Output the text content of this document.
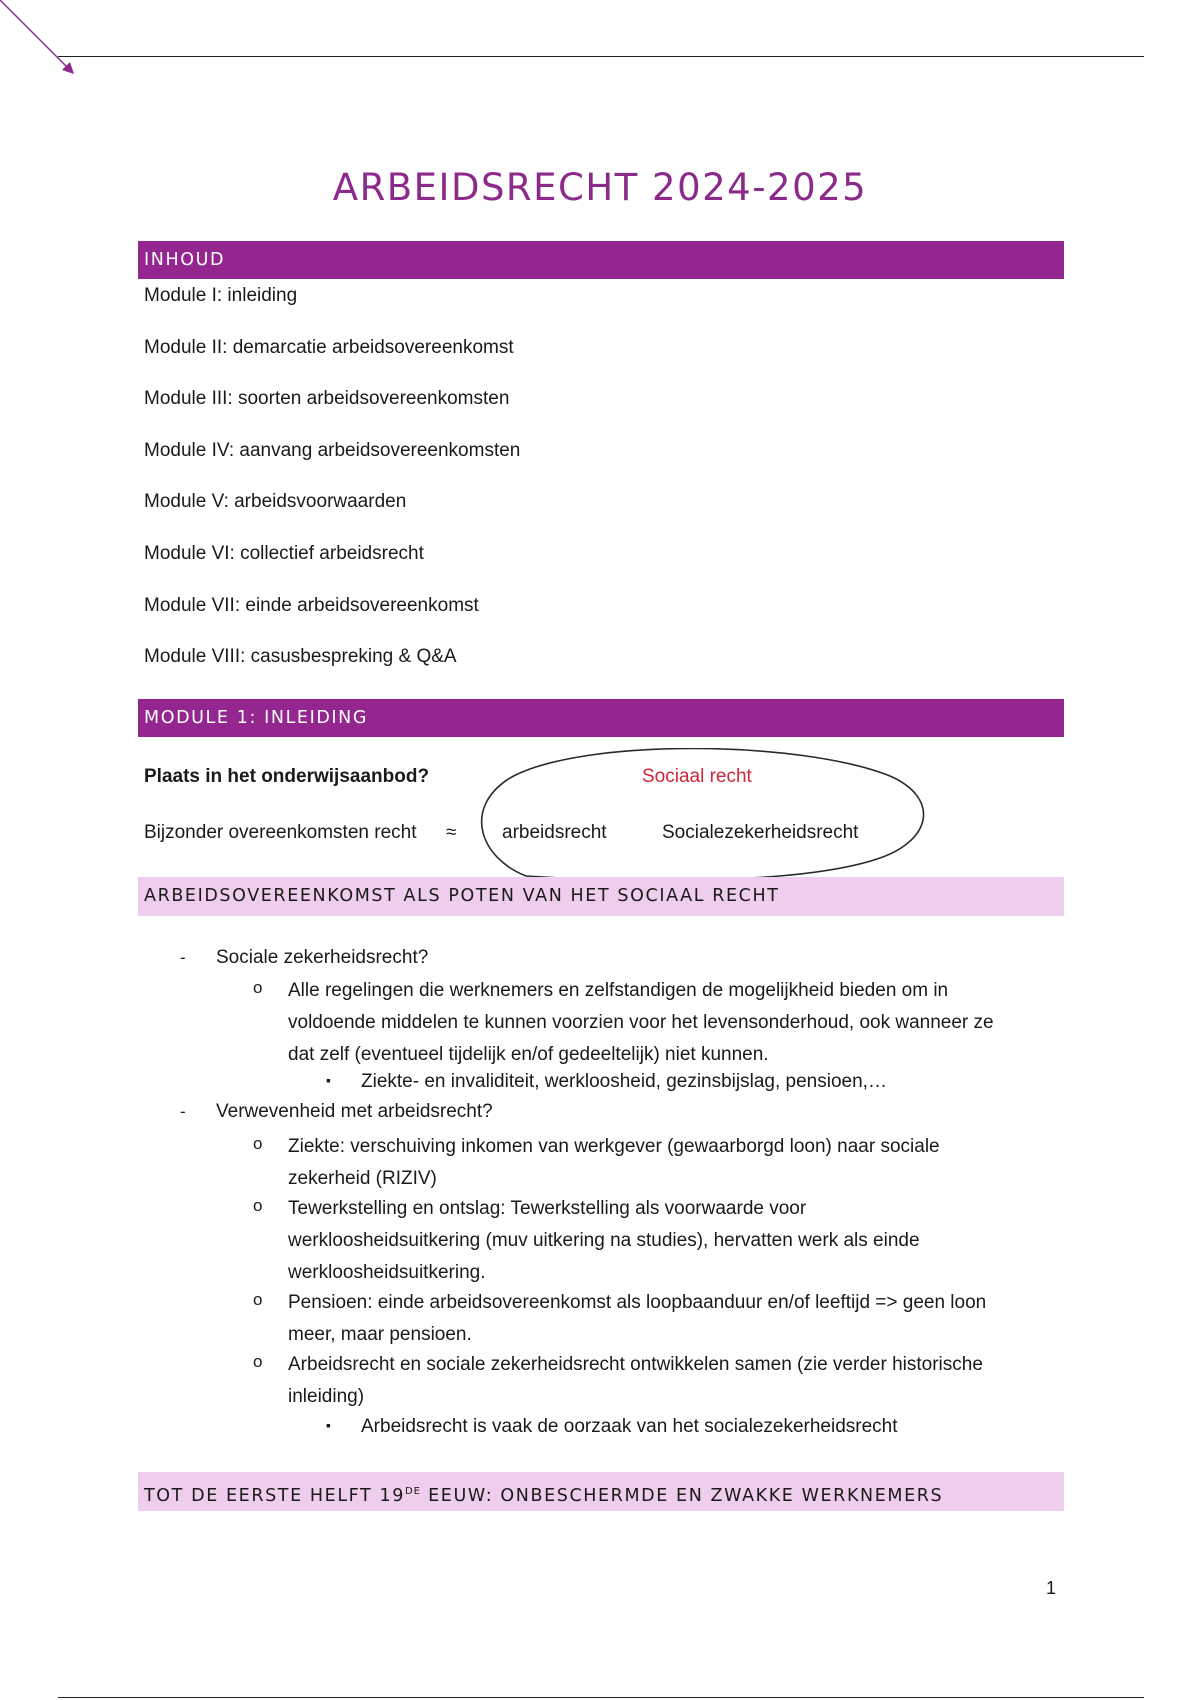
ARBEIDSRECHT 2024-2025
INHOUD
Module I: inleiding
Module II: demarcatie arbeidsovereenkomst
Module III: soorten arbeidsovereenkomsten
Module IV: aanvang arbeidsovereenkomsten
Module V: arbeidsvoorwaarden
Module VI: collectief arbeidsrecht
Module VII: einde arbeidsovereenkomst
Module VIII: casusbespreking & Q&A
MODULE 1: INLEIDING
Plaats in het onderwijsaanbod?	Sociaal recht
Bijzonder overeenkomsten recht ≈ arbeidsrecht	Socialezekerheidsrecht
ARBEIDSOVEREENKOMST ALS POTEN VAN HET SOCIAAL RECHT
- Sociale zekerheidsrecht?
o Alle regelingen die werknemers en zelfstandigen de mogelijkheid bieden om in
voldoende middelen te kunnen voorzien voor het levensonderhoud, ook wanneer ze
dat zelf (eventueel tijdelijk en/of gedeeltelijk) niet kunnen.
▪ Ziekte- en invaliditeit, werkloosheid, gezinsbijslag, pensioen,…
- Verwevenheid met arbeidsrecht?
o Ziekte: verschuiving inkomen van werkgever (gewaarborgd loon) naar sociale
zekerheid (RIZIV)
o Tewerkstelling en ontslag: Tewerkstelling als voorwaarde voor
werkloosheidsuitkering (muv uitkering na studies), hervatten werk als einde
werkloosheidsuitkering.
o Pensioen: einde arbeidsovereenkomst als loopbaanduur en/of leeftijd => geen loon
meer, maar pensioen.
o Arbeidsrecht en sociale zekerheidsrecht ontwikkelen samen (zie verder historische
inleiding)
▪ Arbeidsrecht is vaak de oorzaak van het socialezekerheidsrecht
TOT DE EERSTE HELFT 19DE EEUW: ONBESCHERMDE EN ZWAKKE WERKNEMERS
1
